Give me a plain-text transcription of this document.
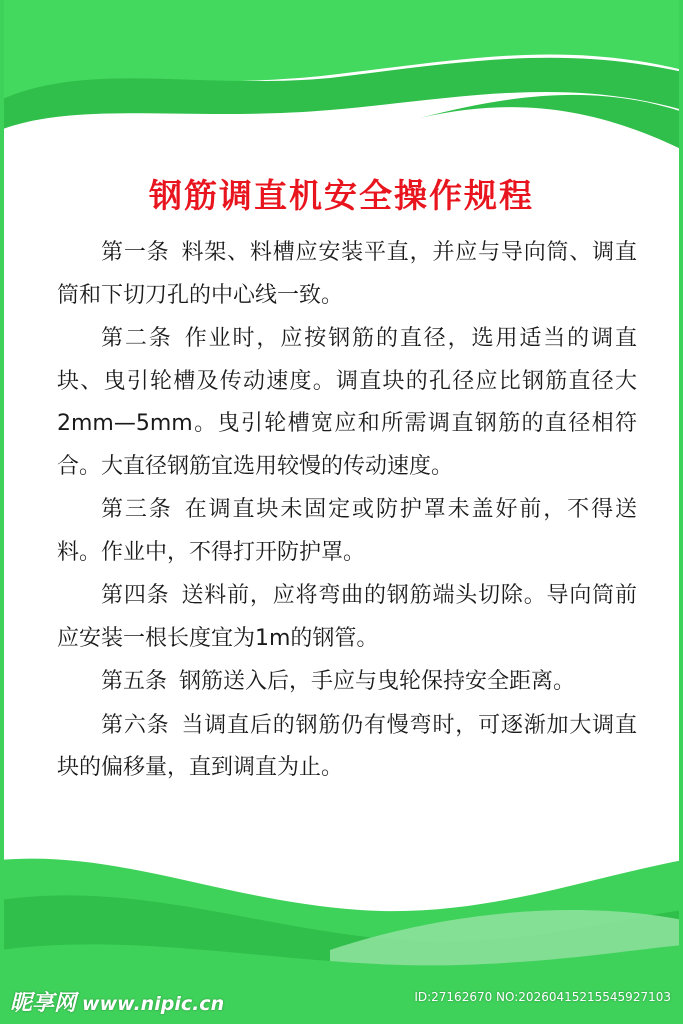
钢筋调直机安全操作规程

第一条 料架、料槽应安装平直，并应与导向筒、调直筒和下切刀孔的中心线一致。

第二条 作业时，应按钢筋的直径，选用适当的调直块、曳引轮槽及传动速度。调直块的孔径应比钢筋直径大2mm—5mm。曳引轮槽宽应和所需调直钢筋的直径相符合。大直径钢筋宜选用较慢的传动速度。

第三条 在调直块未固定或防护罩未盖好前，不得送料。作业中，不得打开防护罩。

第四条 送料前，应将弯曲的钢筋端头切除。导向筒前应安装一根长度宜为1m的钢管。

第五条 钢筋送入后，手应与曳轮保持安全距离。

第六条 当调直后的钢筋仍有慢弯时，可逐渐加大调直块的偏移量，直到调直为止。

昵享网 www.nipic.cn	ID:27162670 NO:20260415215545927103
